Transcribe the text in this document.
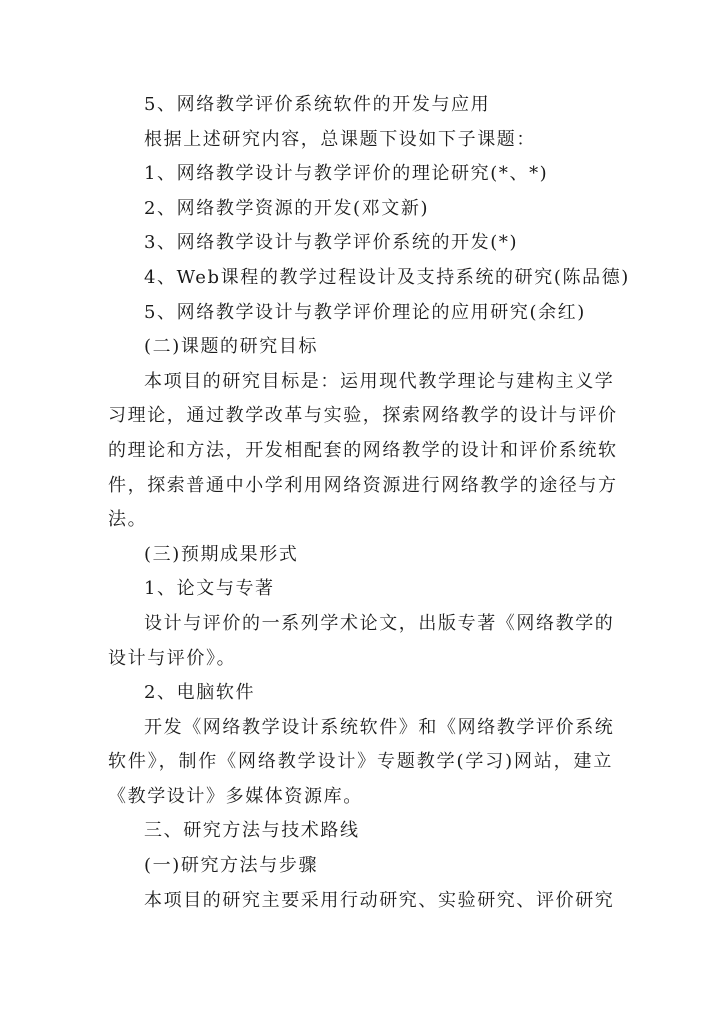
5、网络教学评价系统软件的开发与应用
根据上述研究内容，总课题下设如下子课题：
1、网络教学设计与教学评价的理论研究(*、*)
2、网络教学资源的开发(邓文新)
3、网络教学设计与教学评价系统的开发(*)
4、Web课程的教学过程设计及支持系统的研究(陈品德)
5、网络教学设计与教学评价理论的应用研究(余红)
(二)课题的研究目标
本项目的研究目标是：运用现代教学理论与建构主义学
习理论，通过教学改革与实验，探索网络教学的设计与评价
的理论和方法，开发相配套的网络教学的设计和评价系统软
件，探索普通中小学利用网络资源进行网络教学的途径与方
法。
(三)预期成果形式
1、论文与专著
设计与评价的一系列学术论文，出版专著《网络教学的
设计与评价》。
2、电脑软件
开发《网络教学设计系统软件》和《网络教学评价系统
软件》，制作《网络教学设计》专题教学(学习)网站，建立
《教学设计》多媒体资源库。
三、研究方法与技术路线
(一)研究方法与步骤
本项目的研究主要采用行动研究、实验研究、评价研究
